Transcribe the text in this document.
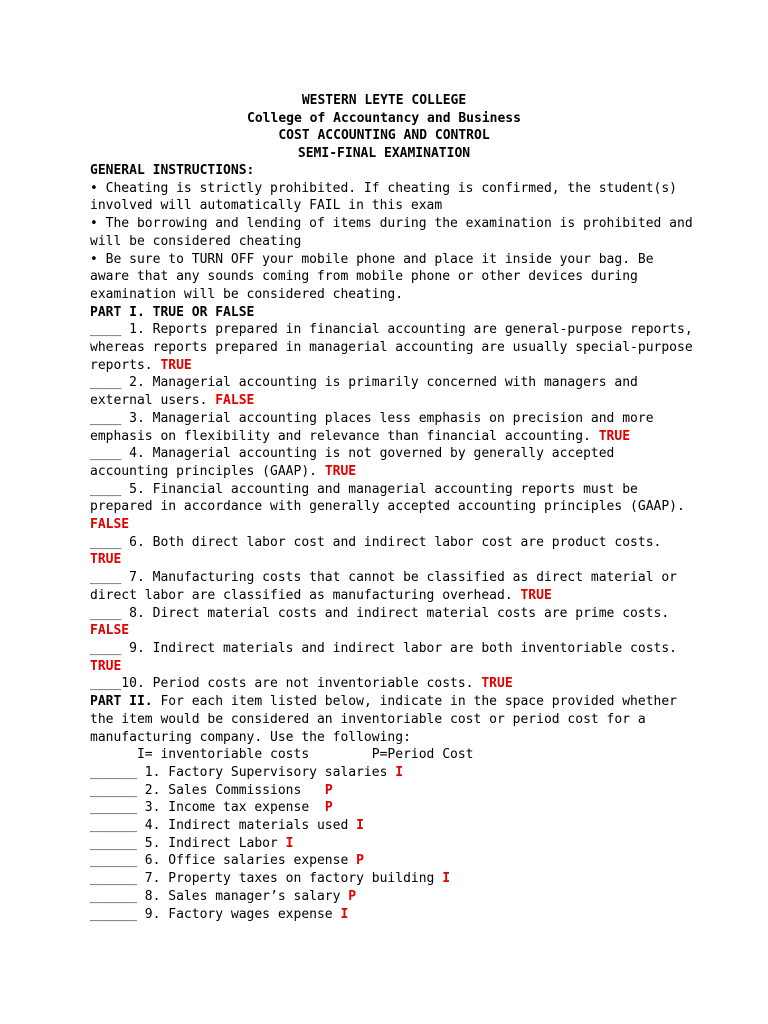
WESTERN LEYTE COLLEGE
College of Accountancy and Business
COST ACCOUNTING AND CONTROL
SEMI-FINAL EXAMINATION
GENERAL INSTRUCTIONS:
• Cheating is strictly prohibited. If cheating is confirmed, the student(s)
involved will automatically FAIL in this exam
• The borrowing and lending of items during the examination is prohibited and
will be considered cheating
• Be sure to TURN OFF your mobile phone and place it inside your bag. Be
aware that any sounds coming from mobile phone or other devices during
examination will be considered cheating.
PART I. TRUE OR FALSE
____ 1. Reports prepared in financial accounting are general-purpose reports,
whereas reports prepared in managerial accounting are usually special-purpose
reports. TRUE
____ 2. Managerial accounting is primarily concerned with managers and
external users. FALSE
____ 3. Managerial accounting places less emphasis on precision and more
emphasis on flexibility and relevance than financial accounting. TRUE
____ 4. Managerial accounting is not governed by generally accepted
accounting principles (GAAP). TRUE
____ 5. Financial accounting and managerial accounting reports must be
prepared in accordance with generally accepted accounting principles (GAAP).
FALSE
____ 6. Both direct labor cost and indirect labor cost are product costs.
TRUE
____ 7. Manufacturing costs that cannot be classified as direct material or
direct labor are classified as manufacturing overhead. TRUE
____ 8. Direct material costs and indirect material costs are prime costs.
FALSE
____ 9. Indirect materials and indirect labor are both inventoriable costs.
TRUE
____10. Period costs are not inventoriable costs. TRUE
PART II. For each item listed below, indicate in the space provided whether
the item would be considered an inventoriable cost or period cost for a
manufacturing company. Use the following:
I= inventoriable costs        P=Period Cost
______ 1. Factory Supervisory salaries I
______ 2. Sales Commissions   P
______ 3. Income tax expense  P
______ 4. Indirect materials used I
______ 5. Indirect Labor I
______ 6. Office salaries expense P
______ 7. Property taxes on factory building I
______ 8. Sales manager’s salary P
______ 9. Factory wages expense I
